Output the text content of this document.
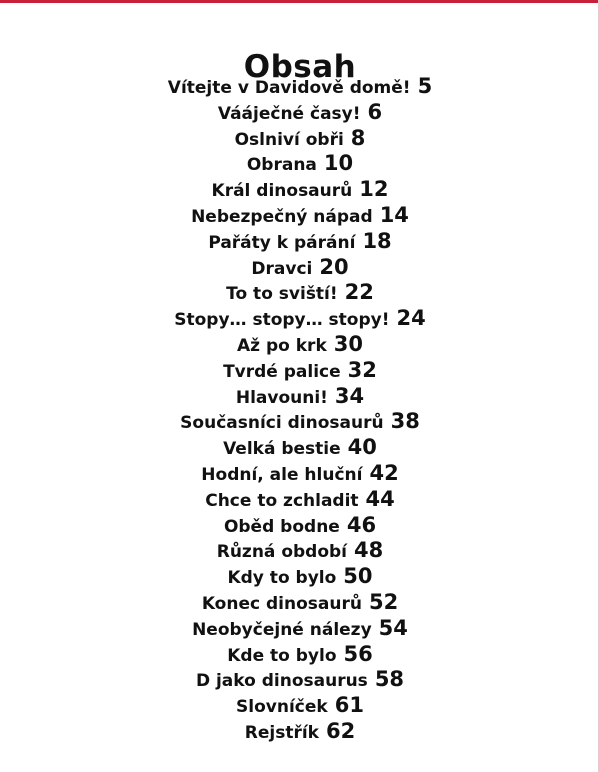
Obsah
Vítejte v Davidově domě! 5
Vááječné časy! 6
Oslniví obři 8
Obrana 10
Král dinosaurů 12
Nebezpečný nápad 14
Pařáty k párání 18
Dravci 20
To to sviští! 22
Stopy… stopy… stopy! 24
Až po krk 30
Tvrdé palice 32
Hlavouni! 34
Současníci dinosaurů 38
Velká bestie 40
Hodní, ale hluční 42
Chce to zchladit 44
Oběd bodne 46
Různá období 48
Kdy to bylo 50
Konec dinosaurů 52
Neobyčejné nálezy 54
Kde to bylo 56
D jako dinosaurus 58
Slovníček 61
Rejstřík 62
